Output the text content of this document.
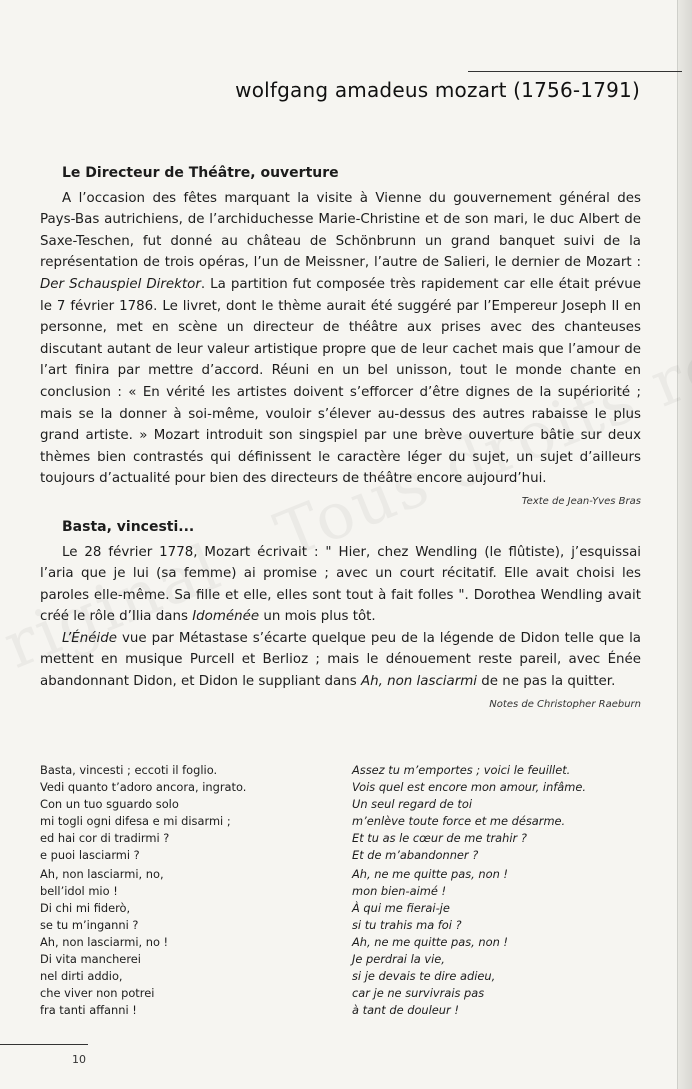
wolfgang amadeus mozart (1756-1791)
Le Directeur de Théâtre, ouverture

A l’occasion des fêtes marquant la visite à Vienne du gouvernement général des Pays-Bas autrichiens, de l’archiduchesse Marie-Christine et de son mari, le duc Albert de Saxe-Teschen, fut donné au château de Schönbrunn un grand banquet suivi de la représentation de trois opéras, l’un de Meissner, l’autre de Salieri, le dernier de Mozart : Der Schauspiel Direktor. La partition fut composée très rapidement car elle était prévue le 7 février 1786. Le livret, dont le thème aurait été suggéré par l’Empereur Joseph II en personne, met en scène un directeur de théâtre aux prises avec des chanteuses discutant autant de leur valeur artistique propre que de leur cachet mais que l’amour de l’art finira par mettre d’accord. Réuni en un bel unisson, tout le monde chante en conclusion : « En vérité les artistes doivent s’efforcer d’être dignes de la supériorité ; mais se la donner à soi-même, vouloir s’élever au-dessus des autres rabaisse le plus grand artiste. » Mozart introduit son singspiel par une brève ouverture bâtie sur deux thèmes bien contrastés qui définissent le caractère léger du sujet, un sujet d’ailleurs toujours d’actualité pour bien des directeurs de théâtre encore aujourd’hui.

Texte de Jean-Yves Bras
Basta, vincesti...

Le 28 février 1778, Mozart écrivait : " Hier, chez Wendling (le flûtiste), j’esquissai l’aria que je lui (sa femme) ai promise ; avec un court récitatif. Elle avait choisi les paroles elle-même. Sa fille et elle, elles sont tout à fait folles ". Dorothea Wendling avait créé le rôle d’Ilia dans Idoménée un mois plus tôt.

L’Énéide vue par Métastase s’écarte quelque peu de la légende de Didon telle que la mettent en musique Purcell et Berlioz ; mais le dénouement reste pareil, avec Énée abandonnant Didon, et Didon le suppliant dans Ah, non lasciarmi de ne pas la quitter.

Notes de Christopher Raeburn
Basta, vincesti ; eccoti il foglio.
Vedi quanto t’adoro ancora, ingrato.
Con un tuo sguardo solo
mi togli ogni difesa e mi disarmi ;
ed hai cor di tradirmi ?
e puoi lasciarmi ?
Ah, non lasciarmi, no,
bell’idol mio !
Di chi mi fiderò,
se tu m’inganni ?
Ah, non lasciarmi, no !
Di vita mancherei
nel dirti addio,
che viver non potrei
fra tanti affanni !
Assez tu m’emportes ; voici le feuillet.
Vois quel est encore mon amour, infâme.
Un seul regard de toi
m’enlève toute force et me désarme.
Et tu as le cœur de me trahir ?
Et de m’abandonner ?
Ah, ne me quitte pas, non !
mon bien-aimé !
À qui me fierai-je
si tu trahis ma foi ?
Ah, ne me quitte pas, non !
Je perdrai la vie,
si je devais te dire adieu,
car je ne survivrais pas
à tant de douleur !
10
